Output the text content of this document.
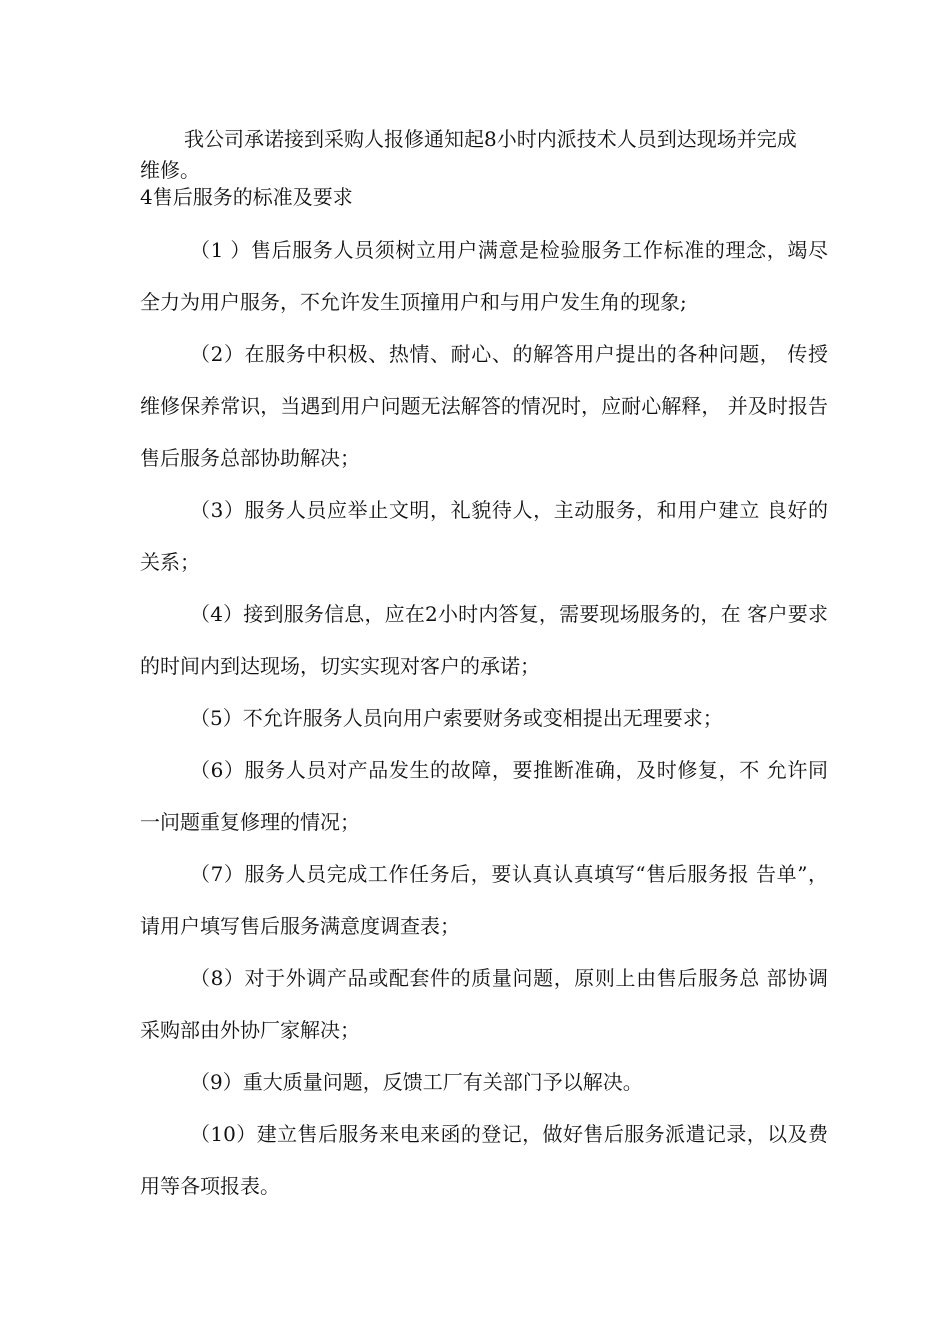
我公司承诺接到采购人报修通知起8小时内派技术人员到达现场并完成维修。

4售后服务的标准及要求

（1 ）售后服务人员须树立用户满意是检验服务工作标准的理念，竭尽全力为用户服务，不允许发生顶撞用户和与用户发生角的现象;

（2）在服务中积极、热情、耐心、的解答用户提出的各种问题， 传授维修保养常识，当遇到用户问题无法解答的情况时，应耐心解释， 并及时报告售后服务总部协助解决；

（3）服务人员应举止文明，礼貌待人，主动服务，和用户建立 良好的关系；

（4）接到服务信息，应在2小时内答复，需要现场服务的，在 客户要求的时间内到达现场，切实实现对客户的承诺；

（5）不允许服务人员向用户索要财务或变相提出无理要求；

（6）服务人员对产品发生的故障，要推断准确，及时修复，不 允许同一问题重复修理的情况；

（7）服务人员完成工作任务后，要认真认真填写“售后服务报 告单”，请用户填写售后服务满意度调查表；

（8）对于外调产品或配套件的质量问题，原则上由售后服务总 部协调采购部由外协厂家解决；

（9）重大质量问题，反馈工厂有关部门予以解决。

（10）建立售后服务来电来函的登记，做好售后服务派遣记录，以及费用等各项报表。
